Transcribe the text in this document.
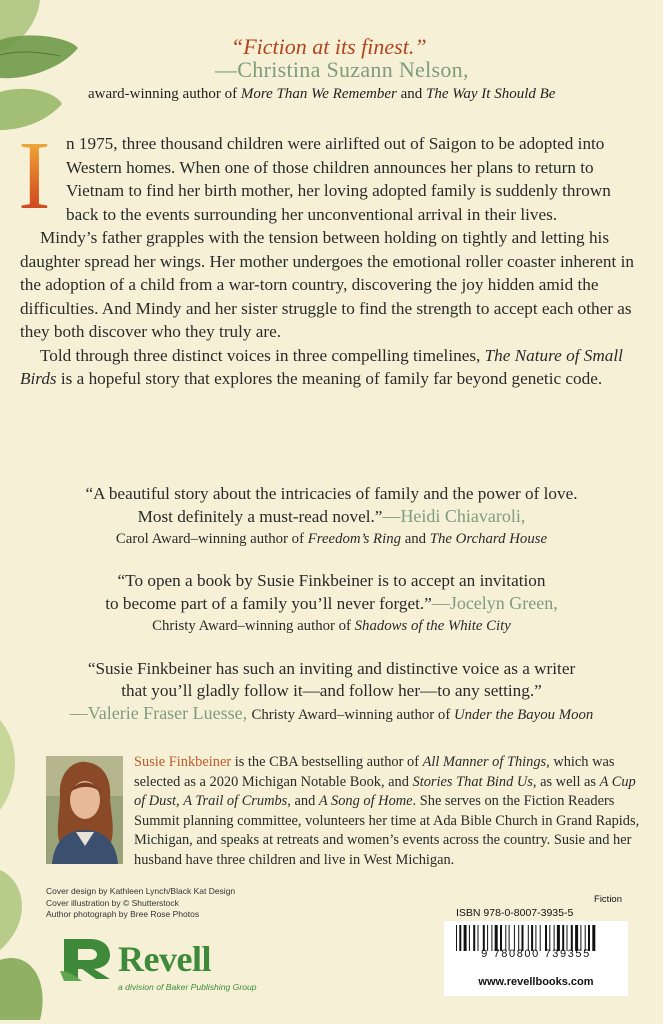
“Fiction at its finest.”
—Christina Suzann Nelson,
award-winning author of More Than We Remember and The Way It Should Be

I n 1975, three thousand children were airlifted out of Saigon to be adopted into Western homes. When one of those children announces her plans to return to Vietnam to find her birth mother, her loving adopted family is suddenly thrown back to the events surrounding her unconventional arrival in their lives.

Mindy’s father grapples with the tension between holding on tightly and letting his daughter spread her wings. Her mother undergoes the emotional roller coaster inherent in the adoption of a child from a war-torn country, discovering the joy hidden amid the difficulties. And Mindy and her sister struggle to find the strength to accept each other as they both discover who they truly are.

Told through three distinct voices in three compelling timelines, The Nature of Small Birds is a hopeful story that explores the meaning of family far beyond genetic code.

“A beautiful story about the intricacies of family and the power of love.
Most definitely a must-read novel.”—Heidi Chiavaroli,
Carol Award–winning author of Freedom’s Ring and The Orchard House
“To open a book by Susie Finkbeiner is to accept an invitation
to become part of a family you’ll never forget.”—Jocelyn Green,
Christy Award–winning author of Shadows of the White City
“Susie Finkbeiner has such an inviting and distinctive voice as a writer
that you’ll gladly follow it—and follow her—to any setting.”
—Valerie Fraser Luesse, Christy Award–winning author of Under the Bayou Moon
Susie Finkbeiner is the CBA bestselling author of All Manner of Things, which was selected as a 2020 Michigan Notable Book, and Stories That Bind Us, as well as A Cup of Dust, A Trail of Crumbs, and A Song of Home. She serves on the Fiction Readers Summit planning committee, volunteers her time at Ada Bible Church in Grand Rapids, Michigan, and speaks at retreats and women’s events across the country. Susie and her husband have three children and live in West Michigan.
Cover design by Kathleen Lynch/Black Kat Design
Cover illustration by © Shutterstock
Author photograph by Bree Rose Photos
Revell
a division of Baker Publishing Group
Fiction
ISBN 978-0-8007-3935-5
9 780800 739355
www.revellbooks.com
